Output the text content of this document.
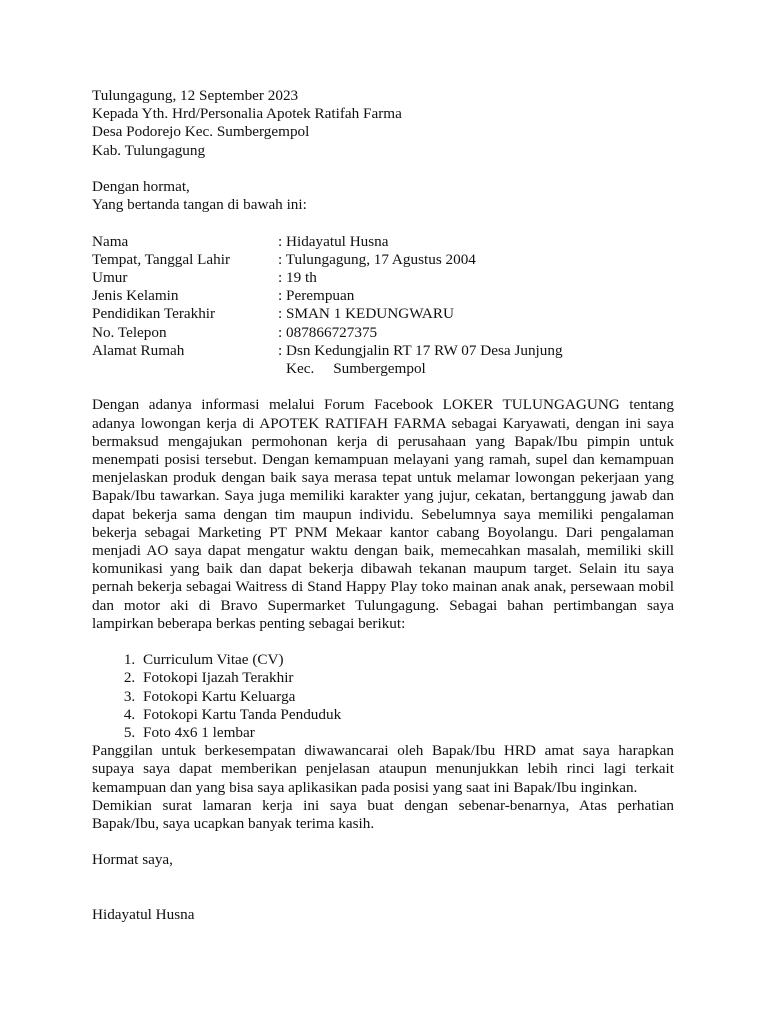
Tulungagung, 12 September 2023
Kepada Yth. Hrd/Personalia Apotek Ratifah Farma
Desa Podorejo Kec. Sumbergempol
Kab. Tulungagung
Dengan hormat,
Yang bertanda tangan di bawah ini:
Nama	: Hidayatul Husna
Tempat, Tanggal Lahir	: Tulungagung, 17 Agustus 2004
Umur	: 19 th
Jenis Kelamin	: Perempuan
Pendidikan Terakhir	: SMAN 1 KEDUNGWARU
No. Telepon	: 087866727375
Alamat Rumah	: Dsn Kedungjalin RT 17 RW 07 Desa Junjung
Kec.     Sumbergempol

Dengan adanya informasi melalui Forum Facebook LOKER TULUNGAGUNG tentang adanya lowongan kerja di APOTEK RATIFAH FARMA sebagai Karyawati, dengan ini saya bermaksud mengajukan permohonan kerja di perusahaan yang Bapak/Ibu pimpin untuk menempati posisi tersebut. Dengan kemampuan melayani yang ramah, supel dan kemampuan menjelaskan produk dengan baik saya merasa tepat untuk melamar lowongan pekerjaan yang Bapak/Ibu tawarkan. Saya juga memiliki karakter yang jujur, cekatan, bertanggung jawab dan dapat bekerja sama dengan tim maupun individu. Sebelumnya saya memiliki pengalaman bekerja sebagai Marketing PT PNM Mekaar kantor cabang Boyolangu. Dari pengalaman menjadi AO saya dapat mengatur waktu dengan baik, memecahkan masalah, memiliki skill komunikasi yang baik dan dapat bekerja dibawah tekanan maupum target. Selain itu saya pernah bekerja sebagai Waitress di Stand Happy Play toko mainan anak anak, persewaan mobil dan motor aki di Bravo Supermarket Tulungagung. Sebagai bahan pertimbangan saya lampirkan beberapa berkas penting sebagai berikut:

1. Curriculum Vitae (CV)
2. Fotokopi Ijazah Terakhir
3. Fotokopi Kartu Keluarga
4. Fotokopi Kartu Tanda Penduduk
5. Foto 4x6 1 lembar

Panggilan untuk berkesempatan diwawancarai oleh Bapak/Ibu HRD amat saya harapkan supaya saya dapat memberikan penjelasan ataupun menunjukkan lebih rinci lagi terkait kemampuan dan yang bisa saya aplikasikan pada posisi yang saat ini Bapak/Ibu inginkan.

Demikian surat lamaran kerja ini saya buat dengan sebenar-benarnya, Atas perhatian Bapak/Ibu, saya ucapkan banyak terima kasih.

Hormat saya,
Hidayatul Husna
